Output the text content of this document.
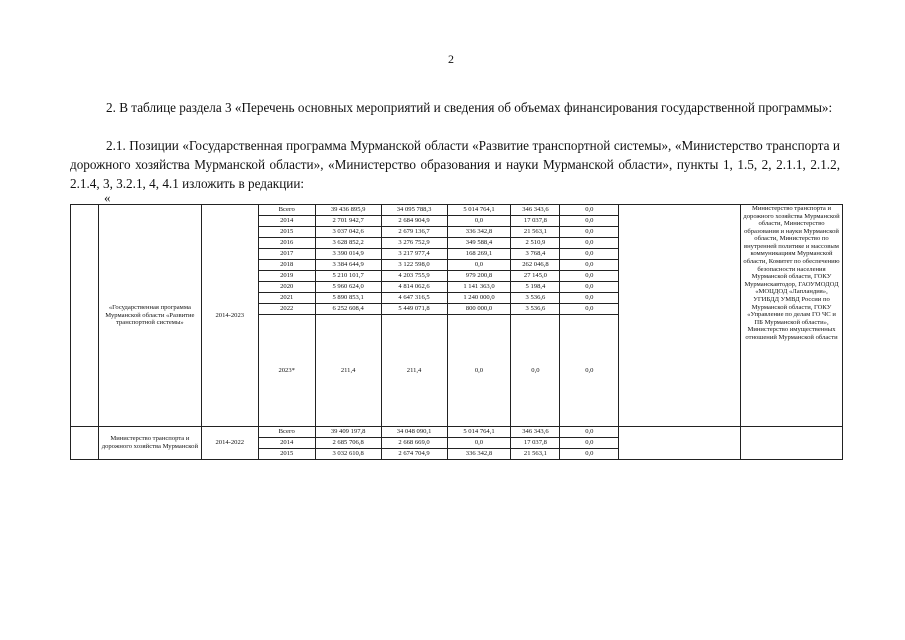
2
2. В таблице раздела 3 «Перечень основных мероприятий и сведения об объемах финансирования государственной программы»:
2.1. Позиции «Государственная программа Мурманской области «Развитие транспортной системы», «Министерство транспорта и дорожного хозяйства Мурманской области», «Министерство образования и науки Мурманской области», пункты 1, 1.5, 2, 2.1.1, 2.1.2, 2.1.4, 3, 3.2.1, 4, 4.1 изложить в редакции:
«
	«Государственная программа Мурманской области «Развитие транспортной системы»	2014-2023	Всего	39 436 895,9	34 095 788,3	5 014 764,1	346 343,6	0,0		Министерство транспорта и дорожного хозяйства Мурманской области, Министерство образования и науки Мурманской области, Министерство по внутренней политике и массовым коммуникациям Мурманской области, Комитет по обеспечению безопасности населения Мурманской области, ГОКУ Мурманскавтодор, ГАОУМОДОД «МОЦДОД «Лапландия», УГИБДД УМВД России по Мурманской области, ГОКУ «Управление по делам ГО ЧС и ПБ Мурманской области», Министерство имущественных отношений Мурманской области
			2014	2 701 942,7	2 684 904,9	0,0	17 037,8	0,0		
			2015	3 037 042,6	2 679 136,7	336 342,8	21 563,1	0,0		
			2016	3 628 852,2	3 276 752,9	349 588,4	2 510,9	0,0		
			2017	3 390 014,9	3 217 977,4	168 269,1	3 768,4	0,0		
			2018	3 384 644,9	3 122 598,0	0,0	262 046,8	0,0		
			2019	5 210 101,7	4 203 755,9	979 200,8	27 145,0	0,0		
			2020	5 960 624,0	4 814 062,6	1 141 363,0	5 198,4	0,0		
			2021	5 890 853,1	4 647 316,5	1 240 000,0	3 536,6	0,0		
			2022	6 252 608,4	5 449 071,8	800 000,0	3 536,6	0,0		
			2023*	211,4	211,4	0,0	0,0	0,0		
	Министерство транспорта и дорожного хозяйства Мурманской	2014-2022	Всего	39 409 197,8	34 048 090,1	5 014 764,1	346 343,6	0,0		
			2014	2 685 706,8	2 668 669,0	0,0	17 037,8	0,0		
			2015	3 032 610,8	2 674 704,9	336 342,8	21 563,1	0,0		
